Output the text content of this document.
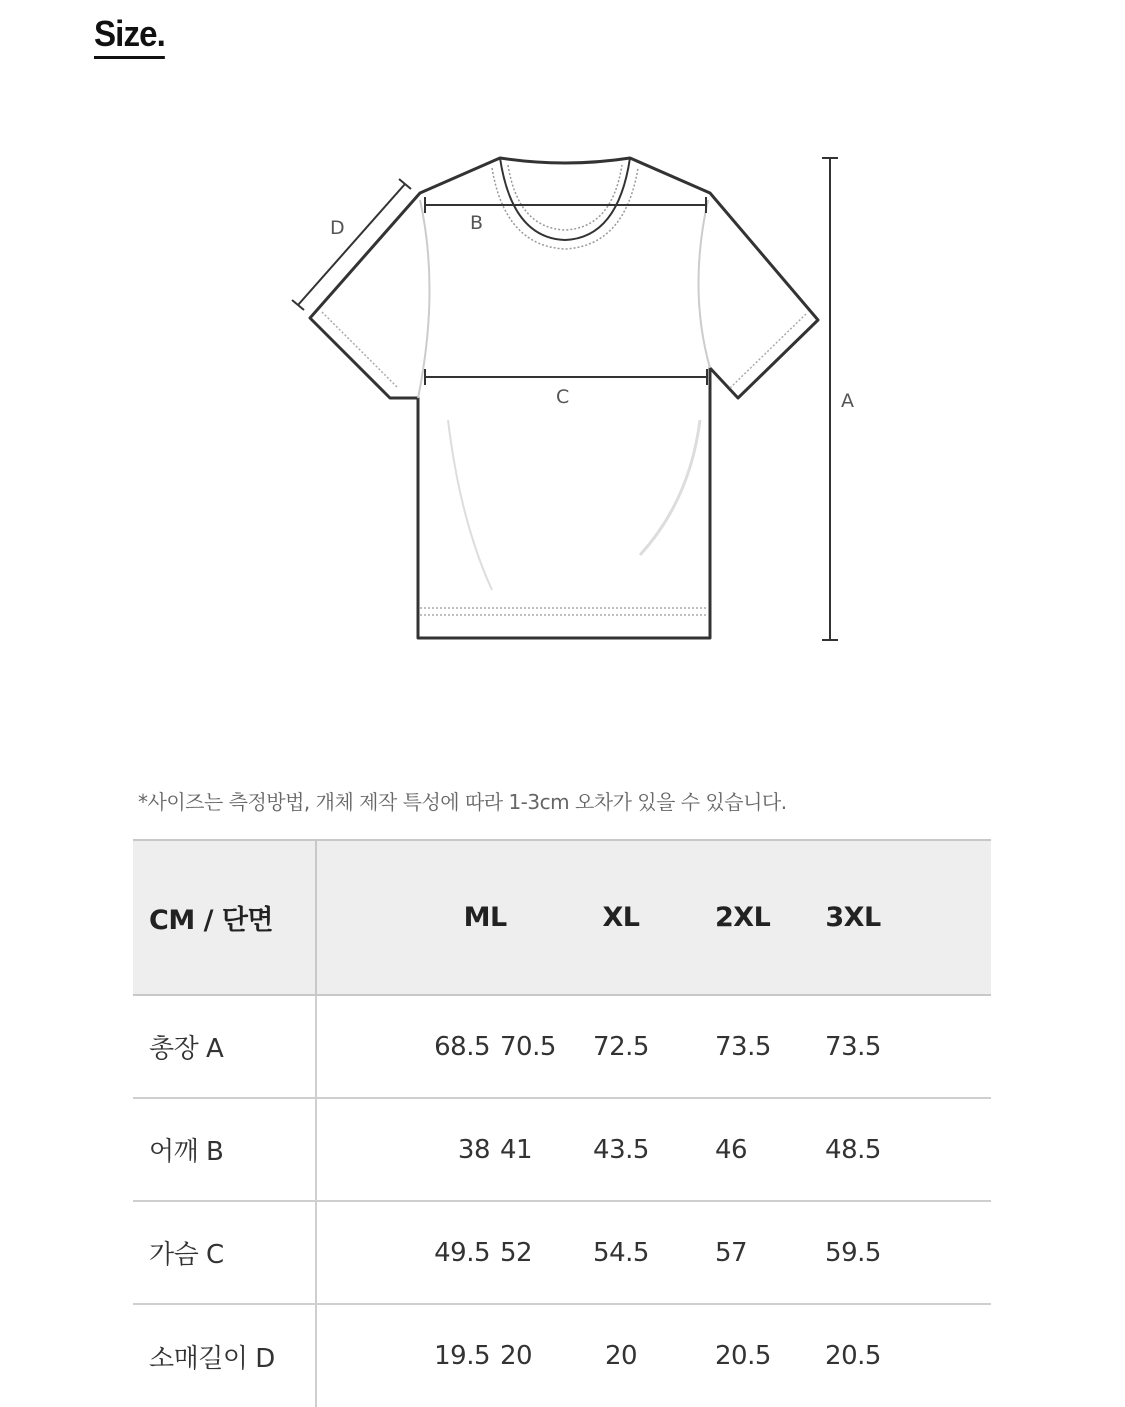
Size.
B
C
D
A
*사이즈는 측정방법, 개체 제작 특성에 따라 1-3cm 오차가 있을 수 있습니다.
CM / 단면	M	L	XL	2XL	3XL	
총장 A	68.5	70.5	72.5	73.5	73.5	
어깨 B	38	41	43.5	46	48.5	
가슴 C	49.5	52	54.5	57	59.5	
소매길이 D	19.5	20	20	20.5	20.5	
